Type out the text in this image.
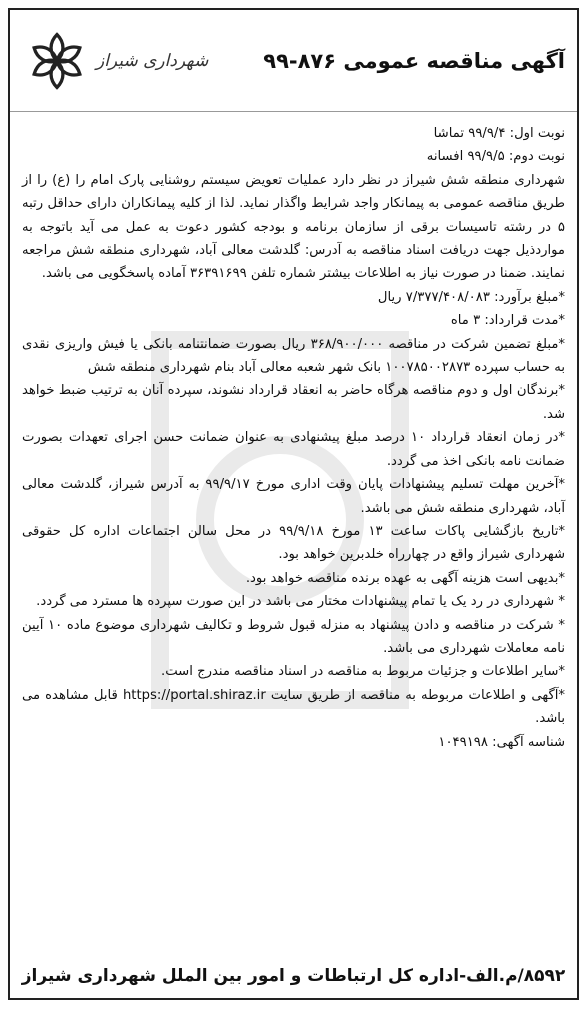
آگهی مناقصه عمومی ۸۷۶-۹۹
شهرداری شیراز

نوبت اول: ۹۹/۹/۴ تماشا

نوبت دوم: ۹۹/۹/۵ افسانه

شهرداری منطقه شش شیراز در نظر دارد عملیات تعویض سیستم روشنایی پارک امام را (ع) را از طریق مناقصه عمومی به پیمانکار واجد شرایط واگذار نماید. لذا از کلیه پیمانکاران دارای حداقل رتبه ۵ در رشته تاسیسات برقی از سازمان برنامه و بودجه کشور دعوت به عمل می آید باتوجه به مواردذیل جهت دریافت اسناد مناقصه به آدرس: گلدشت معالی آباد، شهرداری منطقه شش مراجعه نمایند. ضمنا در صورت نیاز به اطلاعات بیشتر شماره تلفن ۳۶۳۹۱۶۹۹ آماده پاسخگویی می باشد.

*مبلغ برآورد: ۷/۳۷۷/۴۰۸/۰۸۳ ریال

*مدت قرارداد: ۳ ماه

*مبلغ تضمین شرکت در مناقصه ۳۶۸/۹۰۰/۰۰۰ ریال بصورت ضمانتنامه بانکی یا فیش واریزی نقدی به حساب سپرده ۱۰۰۷۸۵۰۰۲۸۷۳ بانک شهر شعبه معالی آباد بنام شهرداری منطقه شش

*برندگان اول و دوم مناقصه هرگاه حاضر به انعقاد قرارداد نشوند، سپرده آنان به ترتیب ضبط خواهد شد.

*در زمان انعقاد قرارداد ۱۰ درصد مبلغ پیشنهادی به عنوان ضمانت حسن اجرای تعهدات بصورت ضمانت نامه بانکی اخذ می گردد.

*آخرین مهلت تسلیم پیشنهادات پایان وقت اداری مورخ ۹۹/۹/۱۷ به آدرس شیراز، گلدشت معالی آباد، شهرداری منطقه شش می باشد.

*تاریخ بازگشایی پاکات ساعت ۱۳ مورخ ۹۹/۹/۱۸ در محل سالن اجتماعات اداره کل حقوقی شهرداری شیراز واقع در چهارراه خلدبرین خواهد بود.

*بدیهی است هزینه آگهی به عهده برنده مناقصه خواهد بود.

* شهرداری در رد یک یا تمام پیشنهادات مختار می باشد در این صورت سپرده ها مسترد می گردد.

* شرکت در مناقصه و دادن پیشنهاد به منزله قبول شروط و تکالیف شهرداری موضوع ماده ۱۰ آیین نامه معاملات شهرداری می باشد.

*سایر اطلاعات و جزئیات مربوط به مناقصه در اسناد مناقصه مندرج است.

*آگهی و اطلاعات مربوطه به مناقصه از طریق سایت https://portal.shiraz.ir قابل مشاهده می باشد.

شناسه آگهی: ۱۰۴۹۱۹۸

۸۵۹۲/م.الف-اداره کل ارتباطات و امور بین الملل شهرداری شیراز
